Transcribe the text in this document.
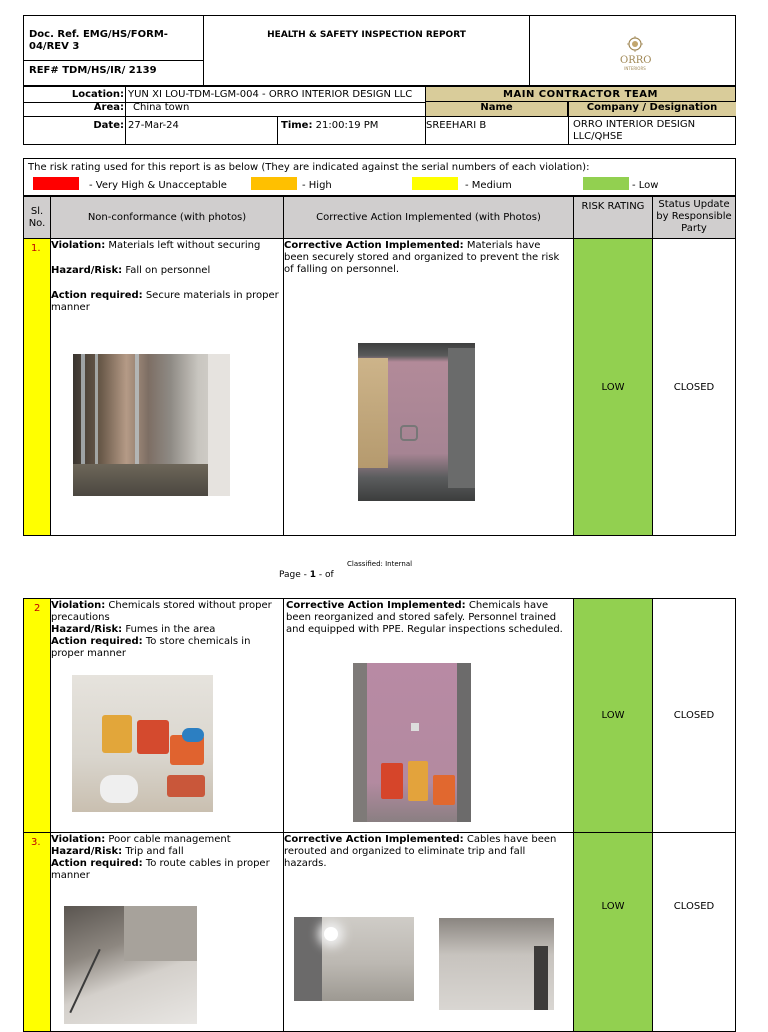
Doc. Ref. EMG/HS/FORM-04/REV 3
REF# TDM/HS/IR/ 2139
HEALTH & SAFETY INSPECTION REPORT
ORRO
INTERIORS
Location: YUN XI LOU-TDM-LGM-004 - ORRO INTERIOR DESIGN LLC	MAIN CONTRACTOR TEAM
Area: China town	Name	Company / Designation
Date: 27-Mar-24	Time: 21:00:19 PM	SREEHARI B	ORRO INTERIOR DESIGN LLC/QHSE
The risk rating used for this report is as below (They are indicated against the serial numbers of each violation):
- Very High & Unacceptable	- High	- Medium	- Low
Sl. No.	Non-conformance (with photos)	Corrective Action Implemented (with Photos)
RISK RATING	Status Update by Responsible Party
1.	Violation: Materials left without securing

Hazard/Risk: Fall on personnel

Action required: Secure materials in proper manner

Corrective Action Implemented: Materials have been securely stored and organized to prevent the risk of falling on personnel.

LOW	CLOSED
Classified: Internal
Page - 1 - of
2	Violation: Chemicals stored without proper precautions

Hazard/Risk: Fumes in the area

Action required: To store chemicals in proper manner

Corrective Action Implemented: Chemicals have been reorganized and stored safely. Personnel trained and equipped with PPE. Regular inspections scheduled.

LOW	CLOSED
3.	Violation: Poor cable management

Hazard/Risk: Trip and fall

Action required: To route cables in proper manner

Corrective Action Implemented: Cables have been rerouted and organized to eliminate trip and fall hazards.

LOW	CLOSED
